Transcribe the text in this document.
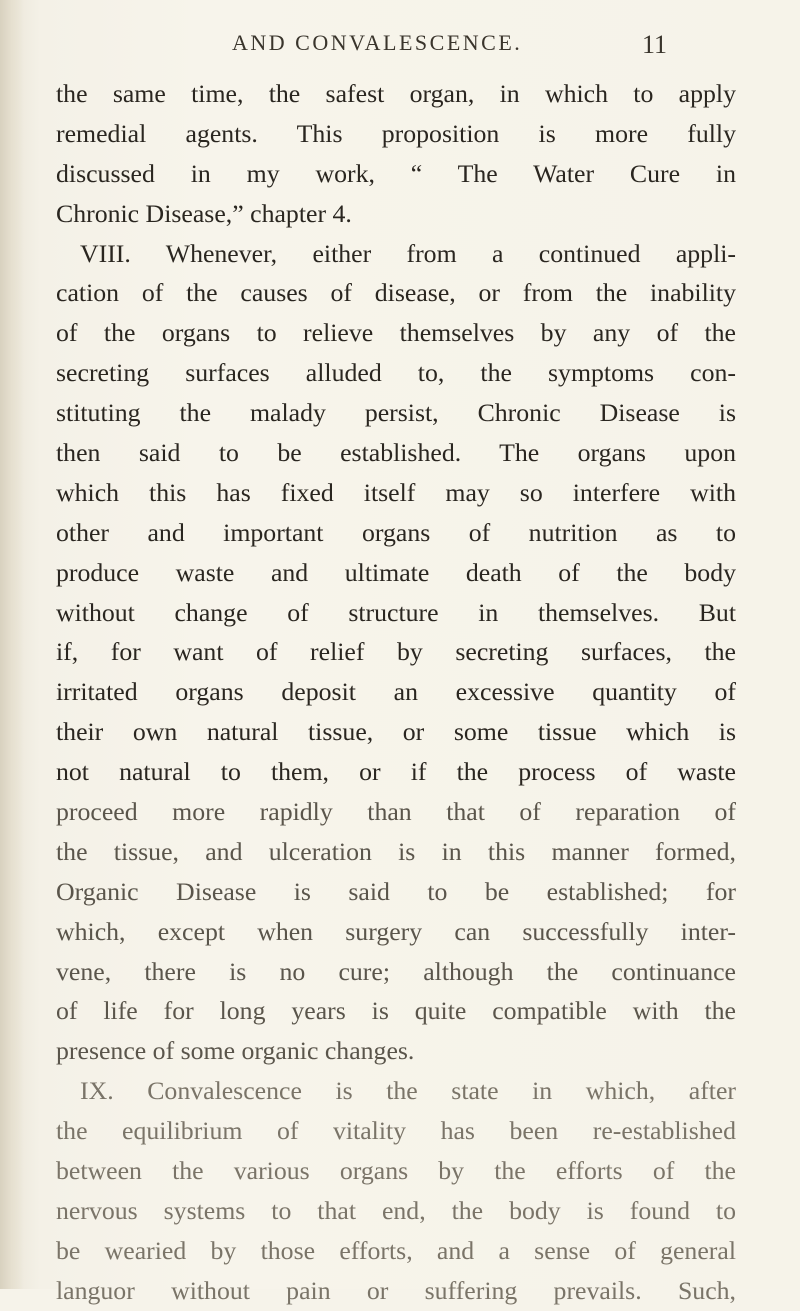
AND CONVALESCENCE.	11
the same time, the safest organ, in which to apply
remedial agents. This proposition is more fully
discussed in my work, “ The Water Cure in
Chronic Disease,” chapter 4.
VIII. Whenever, either from a continued appli-
cation of the causes of disease, or from the inability
of the organs to relieve themselves by any of the
secreting surfaces alluded to, the symptoms con-
stituting the malady persist, Chronic Disease is
then said to be established. The organs upon
which this has fixed itself may so interfere with
other and important organs of nutrition as to
produce waste and ultimate death of the body
without change of structure in themselves. But
if, for want of relief by secreting surfaces, the
irritated organs deposit an excessive quantity of
their own natural tissue, or some tissue which is
not natural to them, or if the process of waste
proceed more rapidly than that of reparation of
the tissue, and ulceration is in this manner formed,
Organic Disease is said to be established; for
which, except when surgery can successfully inter-
vene, there is no cure; although the continuance
of life for long years is quite compatible with the
presence of some organic changes.
IX. Convalescence is the state in which, after
the equilibrium of vitality has been re-established
between the various organs by the efforts of the
nervous systems to that end, the body is found to
be wearied by those efforts, and a sense of general
languor without pain or suffering prevails. Such,
